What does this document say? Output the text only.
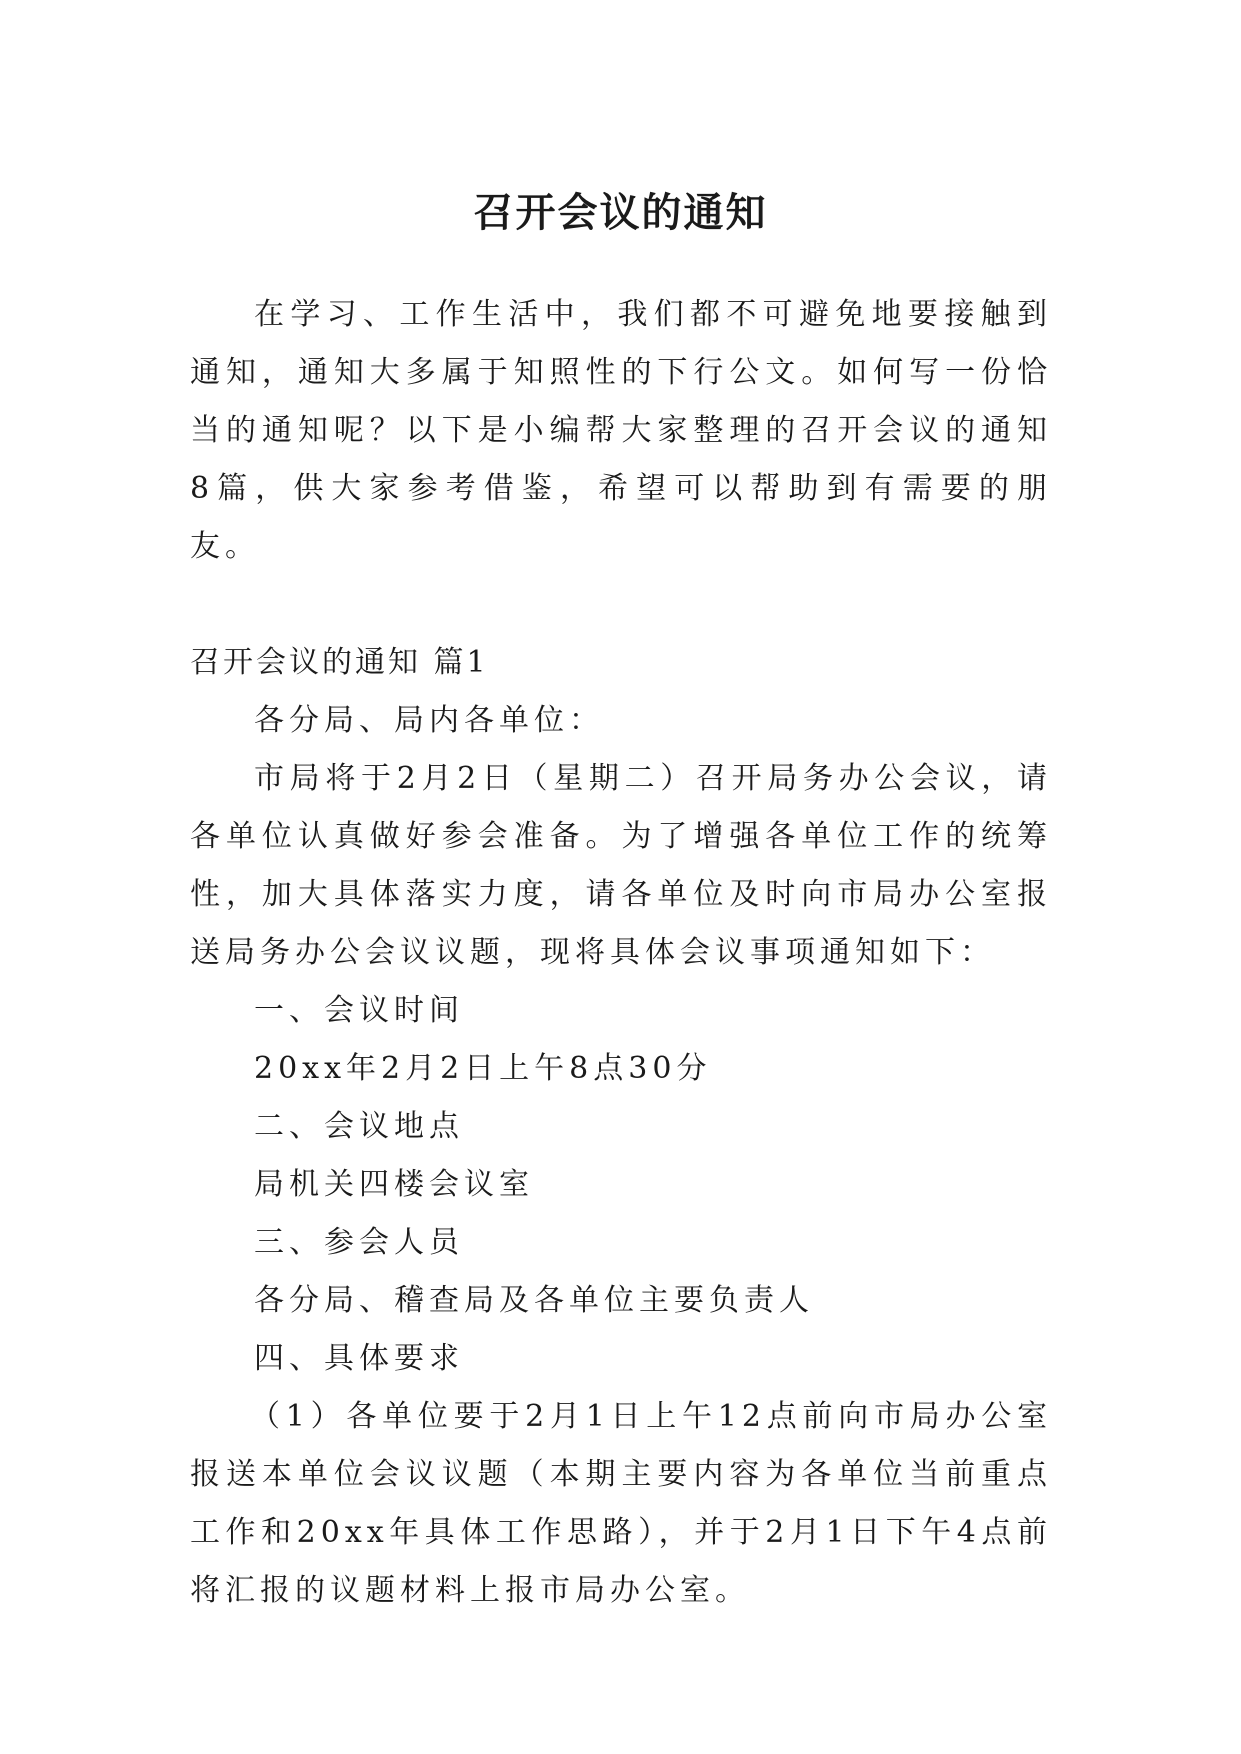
召开会议的通知

在学习、工作生活中，我们都不可避免地要接触到通知，通知大多属于知照性的下行公文。如何写一份恰当的通知呢？以下是小编帮大家整理的召开会议的通知8篇，供大家参考借鉴，希望可以帮助到有需要的朋友。

召开会议的通知 篇1

各分局、局内各单位：

市局将于2月2日（星期二）召开局务办公会议，请各单位认真做好参会准备。为了增强各单位工作的统筹性，加大具体落实力度，请各单位及时向市局办公室报送局务办公会议议题，现将具体会议事项通知如下：

一、会议时间

20xx年2月2日上午8点30分

二、会议地点

局机关四楼会议室

三、参会人员

各分局、稽查局及各单位主要负责人

四、具体要求

（1）各单位要于2月1日上午12点前向市局办公室报送本单位会议议题（本期主要内容为各单位当前重点工作和20xx年具体工作思路），并于2月1日下午4点前将汇报的议题材料上报市局办公室。
